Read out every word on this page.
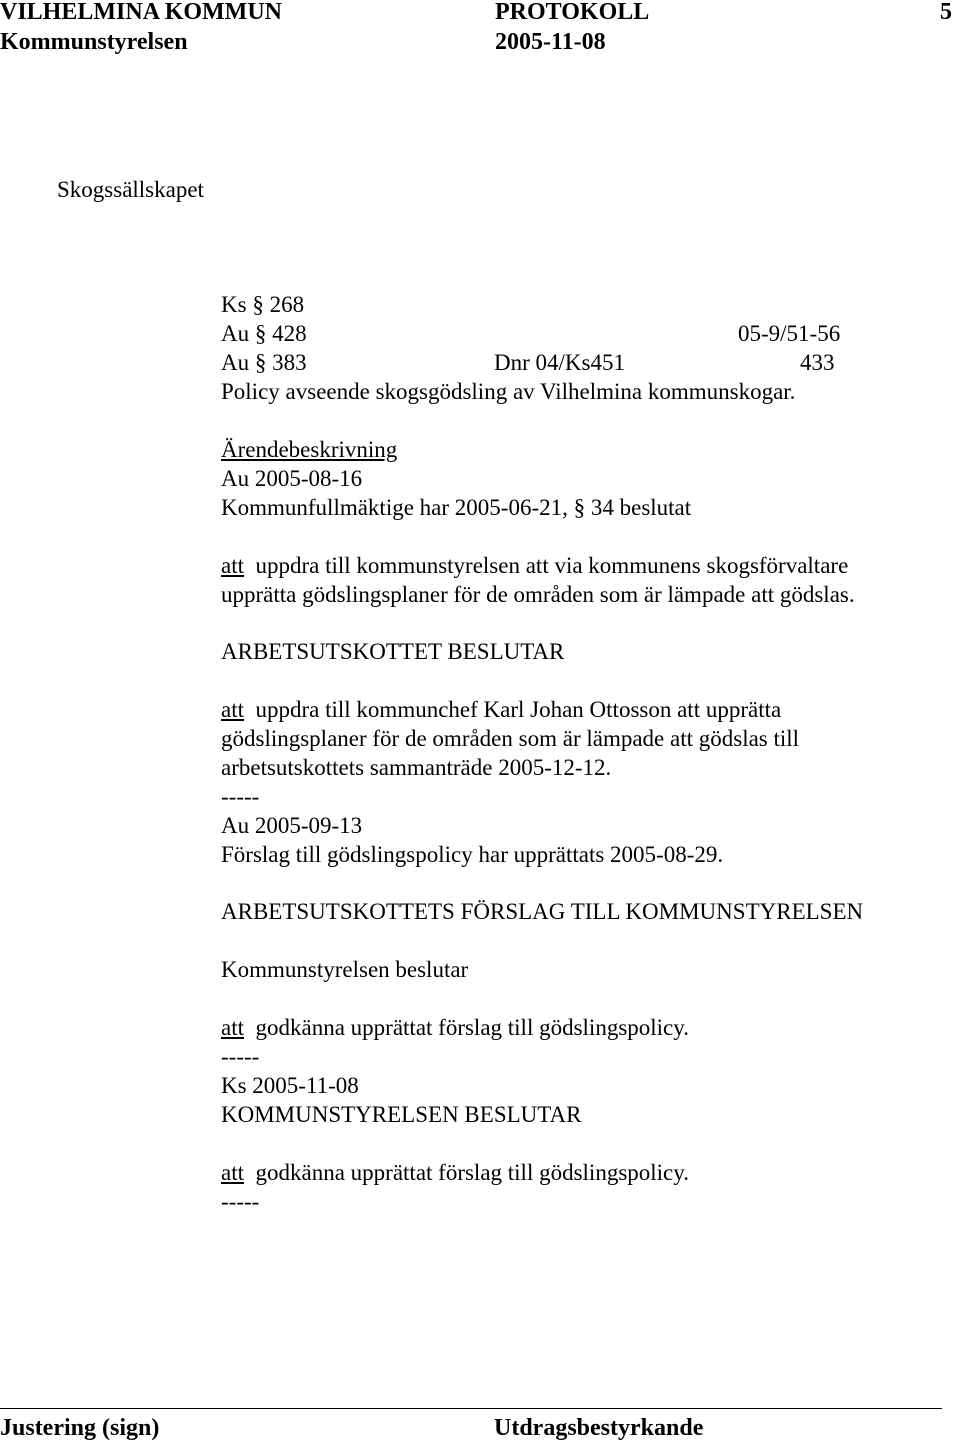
VILHELMINA KOMMUN	PROTOKOLL	5
Kommunstyrelsen	2005-11-08
Skogssällskapet
Ks § 268
Au § 428	05-9/51-56
Au § 383	Dnr 04/Ks451	433
Policy avseende skogsgödsling av Vilhelmina kommunskogar.
Ärendebeskrivning
Au 2005-08-16
Kommunfullmäktige har 2005-06-21, § 34 beslutat
att uppdra till kommunstyrelsen att via kommunens skogsförvaltare
upprätta gödslingsplaner för de områden som är lämpade att gödslas.
ARBETSUTSKOTTET BESLUTAR
att uppdra till kommunchef Karl Johan Ottosson att upprätta
gödslingsplaner för de områden som är lämpade att gödslas till
arbetsutskottets sammanträde 2005-12-12.
-----
Au 2005-09-13
Förslag till gödslingspolicy har upprättats 2005-08-29.
ARBETSUTSKOTTETS FÖRSLAG TILL KOMMUNSTYRELSEN
Kommunstyrelsen beslutar
att godkänna upprättat förslag till gödslingspolicy.
-----
Ks 2005-11-08
KOMMUNSTYRELSEN BESLUTAR
att godkänna upprättat förslag till gödslingspolicy.
-----
Justering (sign)	Utdragsbestyrkande
